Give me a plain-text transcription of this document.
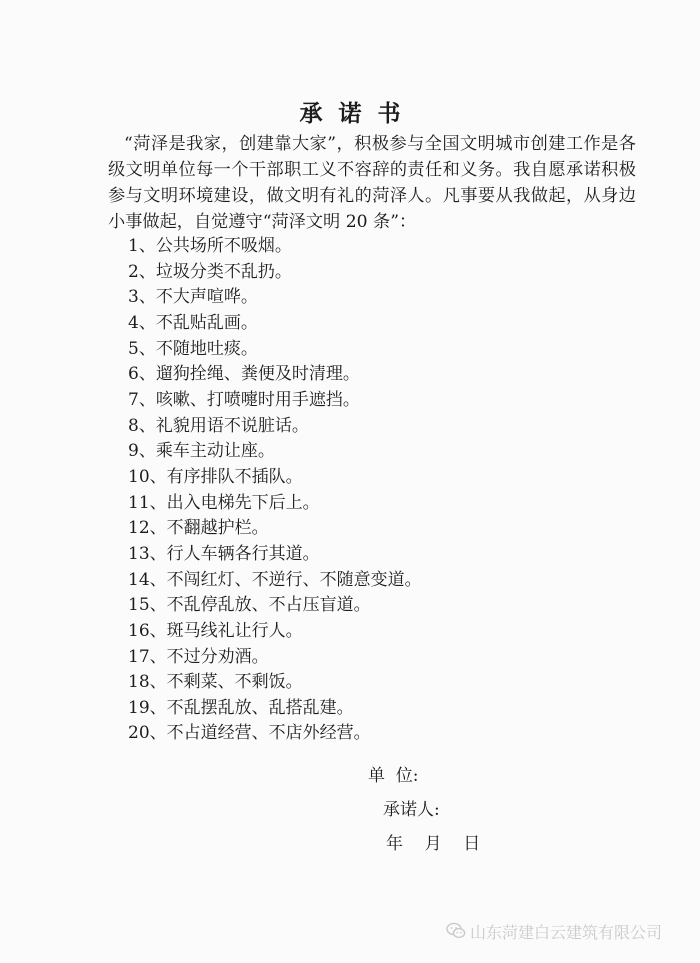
承诺书
“菏泽是我家，创建靠大家”，积极参与全国文明城市创建工作是各级文明单位每一个干部职工义不容辞的责任和义务。我自愿承诺积极参与文明环境建设，做文明有礼的菏泽人。凡事要从我做起，从身边小事做起，自觉遵守“菏泽文明 20 条”：
1、公共场所不吸烟。
2、垃圾分类不乱扔。
3、不大声喧哗。
4、不乱贴乱画。
5、不随地吐痰。
6、遛狗拴绳、粪便及时清理。
7、咳嗽、打喷嚏时用手遮挡。
8、礼貌用语不说脏话。
9、乘车主动让座。
10、有序排队不插队。
11、出入电梯先下后上。
12、不翻越护栏。
13、行人车辆各行其道。
14、不闯红灯、不逆行、不随意变道。
15、不乱停乱放、不占压盲道。
16、斑马线礼让行人。
17、不过分劝酒。
18、不剩菜、不剩饭。
19、不乱摆乱放、乱搭乱建。
20、不占道经营、不店外经营。
单  位:
承诺人:
年    月    日
山东菏建白云建筑有限公司
